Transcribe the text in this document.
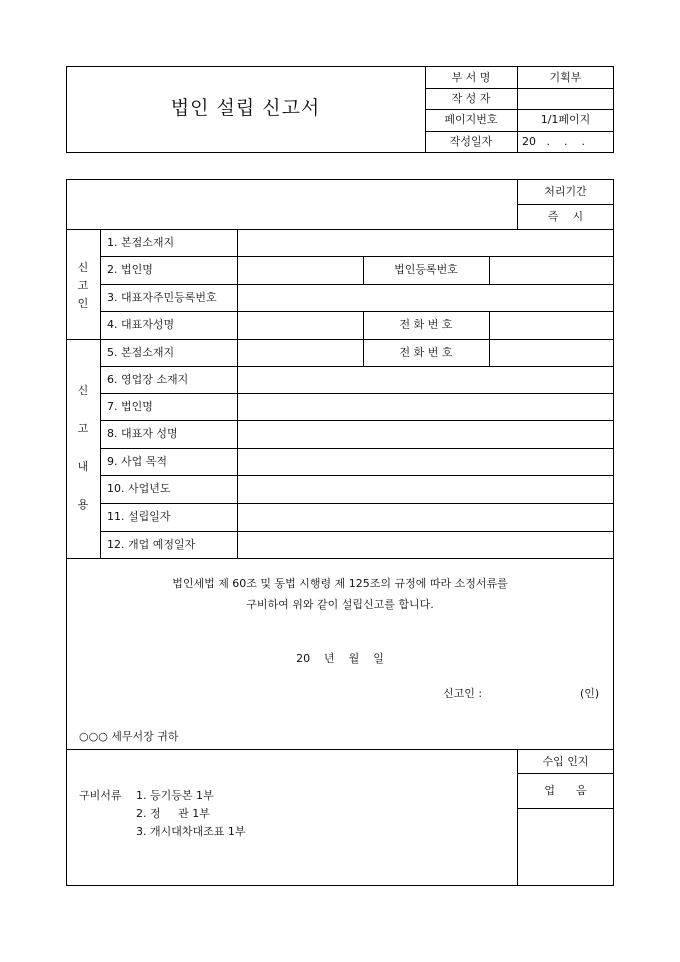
법인 설립 신고서
부 서 명
작 성 자
페이지번호
작성일자
기획부
1/1페이지
20   .    .    .
처리기간
즉    시
신
고
인
1. 본점소재지
2. 법인명
3. 대표자주민등록번호
4. 대표자성명
법인등록번호
전 화 번 호
신
고
내
용
5. 본점소재지
6. 영업장 소재지
7. 법인명
8. 대표자 성명
9. 사업 목적
10. 사업년도
11. 설립일자
12. 개업 예정일자
전 화 번 호
법인세법 제 60조 및 동법 시행령 제 125조의 규정에 따라 소정서류를
구비하여 위와 같이 설립신고를 합니다.
20    년    월    일
신고인 :	(인)
○○○ 세무서장 귀하
수입 인지
업      음
구비서류 1. 등기등본 1부
2. 정     관 1부
3. 개시대차대조표 1부
